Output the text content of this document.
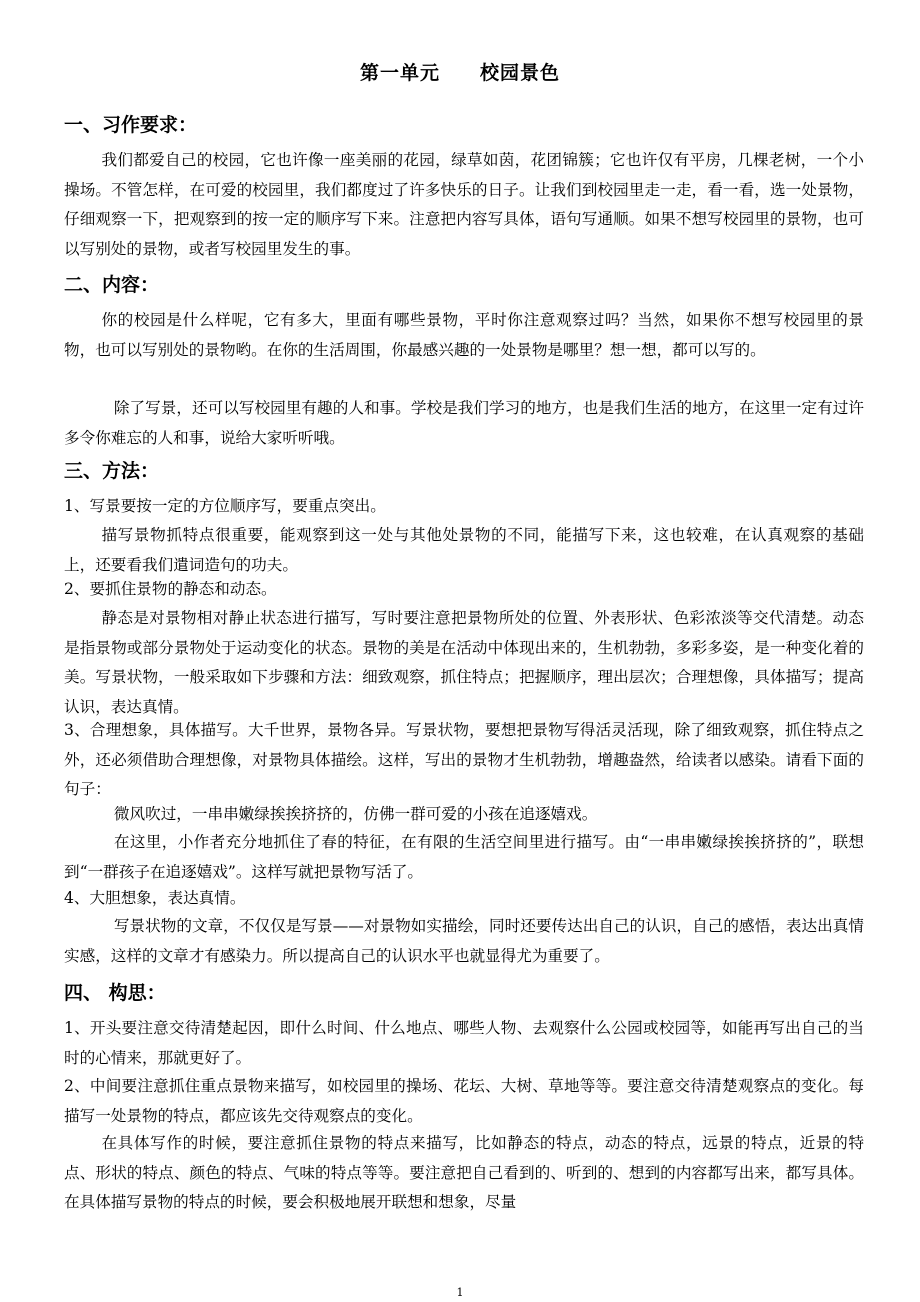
第一单元 校园景色
一、习作要求：

我们都爱自己的校园，它也许像一座美丽的花园，绿草如茵，花团锦簇；它也许仅有平房，几棵老树，一个小操场。不管怎样，在可爱的校园里，我们都度过了许多快乐的日子。让我们到校园里走一走，看一看，选一处景物，仔细观察一下，把观察到的按一定的顺序写下来。注意把内容写具体，语句写通顺。如果不想写校园里的景物，也可以写别处的景物，或者写校园里发生的事。

二、内容：

你的校园是什么样呢，它有多大，里面有哪些景物，平时你注意观察过吗？当然，如果你不想写校园里的景物，也可以写别处的景物哟。在你的生活周围，你最感兴趣的一处景物是哪里？想一想，都可以写的。

除了写景，还可以写校园里有趣的人和事。学校是我们学习的地方，也是我们生活的地方，在这里一定有过许多令你难忘的人和事，说给大家听听哦。

三、方法：

1、写景要按一定的方位顺序写，要重点突出。

描写景物抓特点很重要，能观察到这一处与其他处景物的不同，能描写下来，这也较难，在认真观察的基础上，还要看我们遣词造句的功夫。

2、要抓住景物的静态和动态。

静态是对景物相对静止状态进行描写，写时要注意把景物所处的位置、外表形状、色彩浓淡等交代清楚。动态是指景物或部分景物处于运动变化的状态。景物的美是在活动中体现出来的，生机勃勃，多彩多姿，是一种变化着的美。写景状物，一般采取如下步骤和方法：细致观察，抓住特点；把握顺序，理出层次；合理想像，具体描写；提高认识，表达真情。

3、合理想象，具体描写。大千世界，景物各异。写景状物，要想把景物写得活灵活现，除了细致观察，抓住特点之外，还必须借助合理想像，对景物具体描绘。这样，写出的景物才生机勃勃，增趣盎然，给读者以感染。请看下面的句子：

微风吹过，一串串嫩绿挨挨挤挤的，仿佛一群可爱的小孩在追逐嬉戏。

在这里，小作者充分地抓住了春的特征，在有限的生活空间里进行描写。由“一串串嫩绿挨挨挤挤的”，联想到“一群孩子在追逐嬉戏”。这样写就把景物写活了。

4、大胆想象，表达真情。

写景状物的文章，不仅仅是写景——对景物如实描绘，同时还要传达出自己的认识，自己的感悟，表达出真情实感，这样的文章才有感染力。所以提高自己的认识水平也就显得尤为重要了。

四、 构思：

1、开头要注意交待清楚起因，即什么时间、什么地点、哪些人物、去观察什么公园或校园等，如能再写出自己的当时的心情来，那就更好了。

2、中间要注意抓住重点景物来描写，如校园里的操场、花坛、大树、草地等等。要注意交待清楚观察点的变化。每描写一处景物的特点，都应该先交待观察点的变化。

在具体写作的时候，要注意抓住景物的特点来描写，比如静态的特点，动态的特点，远景的特点，近景的特点、形状的特点、颜色的特点、气味的特点等等。要注意把自己看到的、听到的、想到的内容都写出来，都写具体。在具体描写景物的特点的时候，要会积极地展开联想和想象，尽量

1
